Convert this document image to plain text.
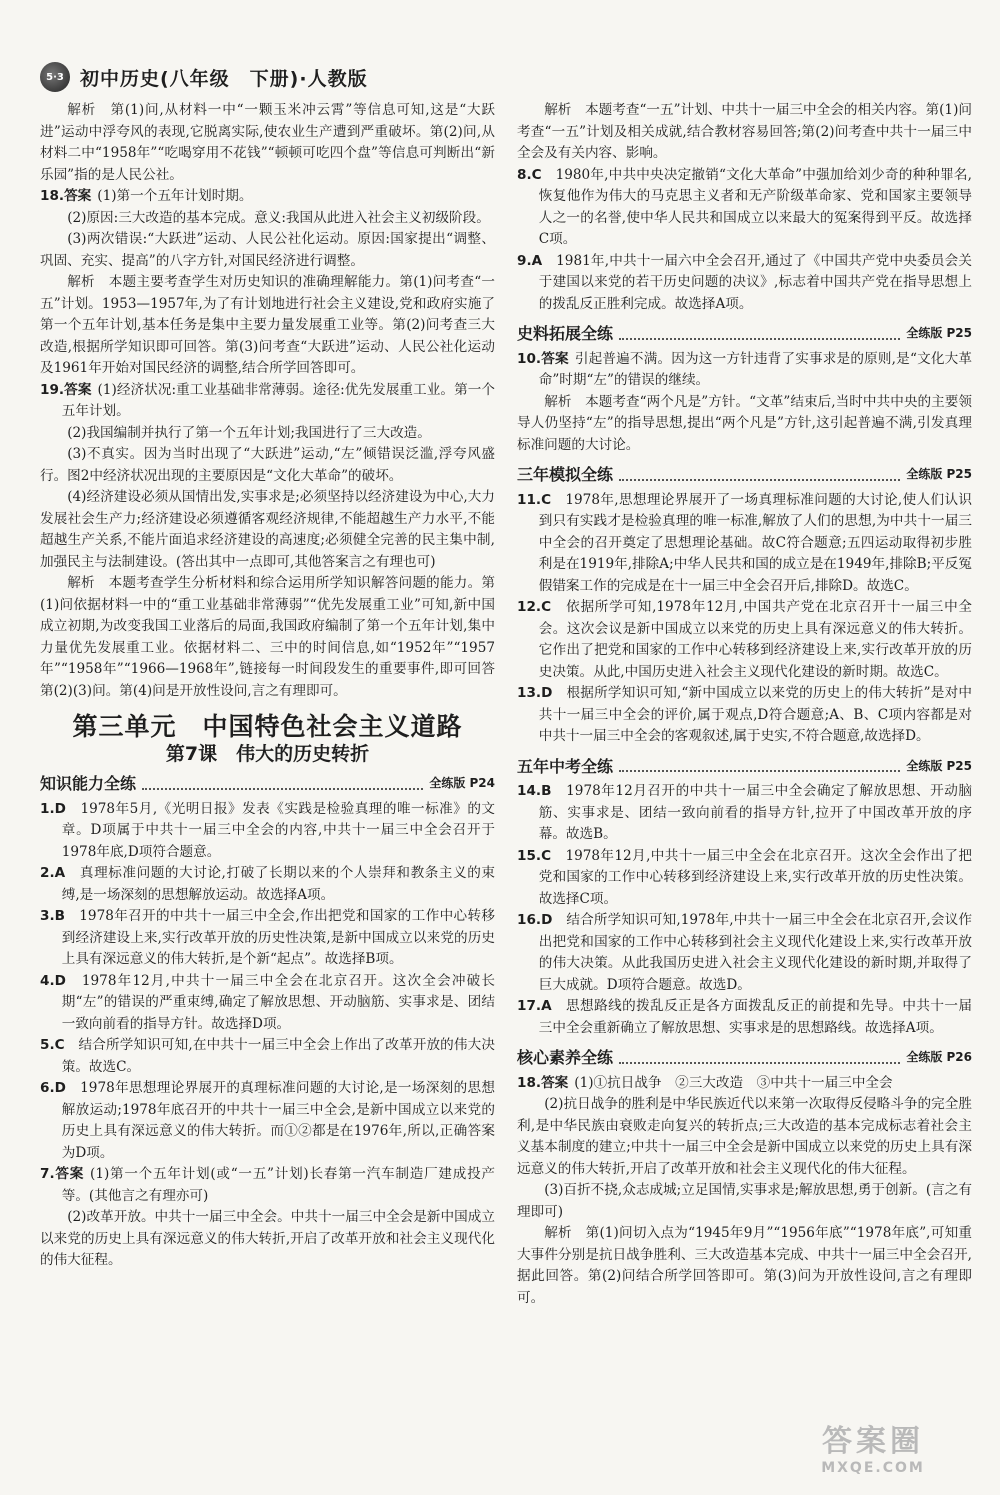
5·3 初中历史(八年级　下册)·人教版

解析　第(1)问,从材料一中“一颗玉米冲云霄”等信息可知,这是“大跃进”运动中浮夸风的表现,它脱离实际,使农业生产遭到严重破坏。第(2)问,从材料二中“1958年”“吃喝穿用不花钱”“顿顿可吃四个盘”等信息可判断出“新乐园”指的是人民公社。

18.答案 (1)第一个五年计划时期。

(2)原因:三大改造的基本完成。意义:我国从此进入社会主义初级阶段。

(3)两次错误:“大跃进”运动、人民公社化运动。原因:国家提出“调整、巩固、充实、提高”的八字方针,对国民经济进行调整。

解析　本题主要考查学生对历史知识的准确理解能力。第(1)问考查“一五”计划。1953—1957年,为了有计划地进行社会主义建设,党和政府实施了第一个五年计划,基本任务是集中主要力量发展重工业等。第(2)问考查三大改造,根据所学知识即可回答。第(3)问考查“大跃进”运动、人民公社化运动及1961年开始对国民经济的调整,结合所学回答即可。

19.答案 (1)经济状况:重工业基础非常薄弱。途径:优先发展重工业。第一个五年计划。

(2)我国编制并执行了第一个五年计划;我国进行了三大改造。

(3)不真实。因为当时出现了“大跃进”运动,“左”倾错误泛滥,浮夸风盛行。图2中经济状况出现的主要原因是“文化大革命”的破坏。

(4)经济建设必须从国情出发,实事求是;必须坚持以经济建设为中心,大力发展社会生产力;经济建设必须遵循客观经济规律,不能超越生产力水平,不能超越生产关系,不能片面追求经济建设的高速度;必须健全完善的民主集中制,加强民主与法制建设。(答出其中一点即可,其他答案言之有理也可)

解析　本题考查学生分析材料和综合运用所学知识解答问题的能力。第(1)问依据材料一中的“重工业基础非常薄弱”“优先发展重工业”可知,新中国成立初期,为改变我国工业落后的局面,我国政府编制了第一个五年计划,集中力量优先发展重工业。依据材料二、三中的时间信息,如“1952年”“1957年”“1958年”“1966—1968年”,链接每一时间段发生的重要事件,即可回答第(2)(3)问。第(4)问是开放性设问,言之有理即可。

第三单元　中国特色社会主义道路
第7课　伟大的历史转折
知识能力全练	全练版 P24

1.D　 1978年5月,《光明日报》发表《实践是检验真理的唯一标准》的文章。D项属于中共十一届三中全会的内容,中共十一届三中全会召开于1978年底,D项符合题意。

2.A　 真理标准问题的大讨论,打破了长期以来的个人崇拜和教条主义的束缚,是一场深刻的思想解放运动。故选择A项。

3.B　 1978年召开的中共十一届三中全会,作出把党和国家的工作中心转移到经济建设上来,实行改革开放的历史性决策,是新中国成立以来党的历史上具有深远意义的伟大转折,是个新“起点”。故选择B项。

4.D　 1978年12月,中共十一届三中全会在北京召开。这次全会冲破长期“左”的错误的严重束缚,确定了解放思想、开动脑筋、实事求是、团结一致向前看的指导方针。故选择D项。

5.C　 结合所学知识可知,在中共十一届三中全会上作出了改革开放的伟大决策。故选C。

6.D　 1978年思想理论界展开的真理标准问题的大讨论,是一场深刻的思想解放运动;1978年底召开的中共十一届三中全会,是新中国成立以来党的历史上具有深远意义的伟大转折。而①②都是在1976年,所以,正确答案为D项。

7.答案 (1)第一个五年计划(或“一五”计划)长春第一汽车制造厂建成投产等。(其他言之有理亦可)

(2)改革开放。中共十一届三中全会。中共十一届三中全会是新中国成立以来党的历史上具有深远意义的伟大转折,开启了改革开放和社会主义现代化的伟大征程。

解析　本题考查“一五”计划、中共十一届三中全会的相关内容。第(1)问考查“一五”计划及相关成就,结合教材容易回答;第(2)问考查中共十一届三中全会及有关内容、影响。

8.C　 1980年,中共中央决定撤销“文化大革命”中强加给刘少奇的种种罪名,恢复他作为伟大的马克思主义者和无产阶级革命家、党和国家主要领导人之一的名誉,使中华人民共和国成立以来最大的冤案得到平反。故选择C项。

9.A　 1981年,中共十一届六中全会召开,通过了《中国共产党中央委员会关于建国以来党的若干历史问题的决议》,标志着中国共产党在指导思想上的拨乱反正胜利完成。故选择A项。

史料拓展全练	全练版 P25

10.答案 引起普遍不满。因为这一方针违背了实事求是的原则,是“文化大革命”时期“左”的错误的继续。

解析　本题考查“两个凡是”方针。“文革”结束后,当时中共中央的主要领导人仍坚持“左”的指导思想,提出“两个凡是”方针,这引起普遍不满,引发真理标准问题的大讨论。

三年模拟全练	全练版 P25

11.C　 1978年,思想理论界展开了一场真理标准问题的大讨论,使人们认识到只有实践才是检验真理的唯一标准,解放了人们的思想,为中共十一届三中全会的召开奠定了思想理论基础。故C符合题意;五四运动取得初步胜利是在1919年,排除A;中华人民共和国的成立是在1949年,排除B;平反冤假错案工作的完成是在十一届三中全会召开后,排除D。故选C。

12.C　 依据所学可知,1978年12月,中国共产党在北京召开十一届三中全会。这次会议是新中国成立以来党的历史上具有深远意义的伟大转折。它作出了把党和国家的工作中心转移到经济建设上来,实行改革开放的历史决策。从此,中国历史进入社会主义现代化建设的新时期。故选C。

13.D　 根据所学知识可知,“新中国成立以来党的历史上的伟大转折”是对中共十一届三中全会的评价,属于观点,D符合题意;A、B、C项内容都是对中共十一届三中全会的客观叙述,属于史实,不符合题意,故选择D。

五年中考全练	全练版 P25

14.B　 1978年12月召开的中共十一届三中全会确定了解放思想、开动脑筋、实事求是、团结一致向前看的指导方针,拉开了中国改革开放的序幕。故选B。

15.C　 1978年12月,中共十一届三中全会在北京召开。这次全会作出了把党和国家的工作中心转移到经济建设上来,实行改革开放的历史性决策。故选择C项。

16.D　 结合所学知识可知,1978年,中共十一届三中全会在北京召开,会议作出把党和国家的工作中心转移到社会主义现代化建设上来,实行改革开放的伟大决策。从此我国历史进入社会主义现代化建设的新时期,并取得了巨大成就。D项符合题意。故选D。

17.A　 思想路线的拨乱反正是各方面拨乱反正的前提和先导。中共十一届三中全会重新确立了解放思想、实事求是的思想路线。故选择A项。

核心素养全练	全练版 P26

18.答案 (1)①抗日战争　②三大改造　③中共十一届三中全会

(2)抗日战争的胜利是中华民族近代以来第一次取得反侵略斗争的完全胜利,是中华民族由衰败走向复兴的转折点;三大改造的基本完成标志着社会主义基本制度的建立;中共十一届三中全会是新中国成立以来党的历史上具有深远意义的伟大转折,开启了改革开放和社会主义现代化的伟大征程。

(3)百折不挠,众志成城;立足国情,实事求是;解放思想,勇于创新。(言之有理即可)

解析　第(1)问切入点为“1945年9月”“1956年底”“1978年底”,可知重大事件分别是抗日战争胜利、三大改造基本完成、中共十一届三中全会召开,据此回答。第(2)问结合所学回答即可。第(3)问为开放性设问,言之有理即可。

答案圈
MXQE.COM
